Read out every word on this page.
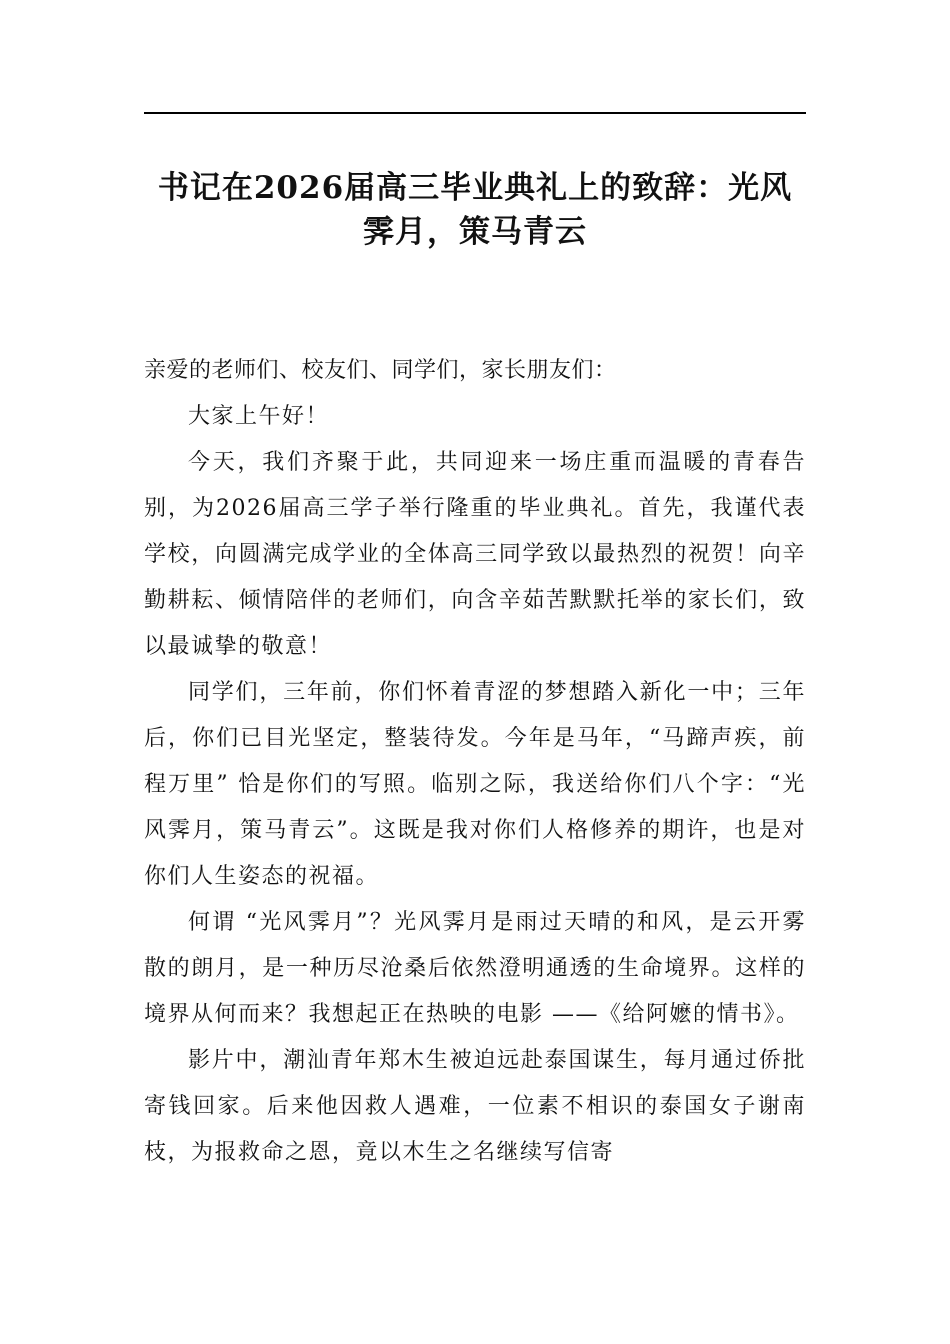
书记在2026届高三毕业典礼上的致辞：光风霁月，策马青云

亲爱的老师们、校友们、同学们，家长朋友们：

大家上午好！

今天，我们齐聚于此，共同迎来一场庄重而温暖的青春告别，为2026届高三学子举行隆重的毕业典礼。首先，我谨代表学校，向圆满完成学业的全体高三同学致以最热烈的祝贺！向辛勤耕耘、倾情陪伴的老师们，向含辛茹苦默默托举的家长们，致以最诚挚的敬意！

同学们，三年前，你们怀着青涩的梦想踏入新化一中；三年后，你们已目光坚定，整装待发。今年是马年，“马蹄声疾，前程万里” 恰是你们的写照。临别之际，我送给你们八个字：“光风霁月，策马青云”。这既是我对你们人格修养的期许，也是对你们人生姿态的祝福。

何谓 “光风霁月”？光风霁月是雨过天晴的和风，是云开雾散的朗月，是一种历尽沧桑后依然澄明通透的生命境界。这样的境界从何而来？我想起正在热映的电影 ——《给阿嬷的情书》。

影片中，潮汕青年郑木生被迫远赴泰国谋生，每月通过侨批寄钱回家。后来他因救人遇难，一位素不相识的泰国女子谢南枝，为报救命之恩，竟以木生之名继续写信寄
